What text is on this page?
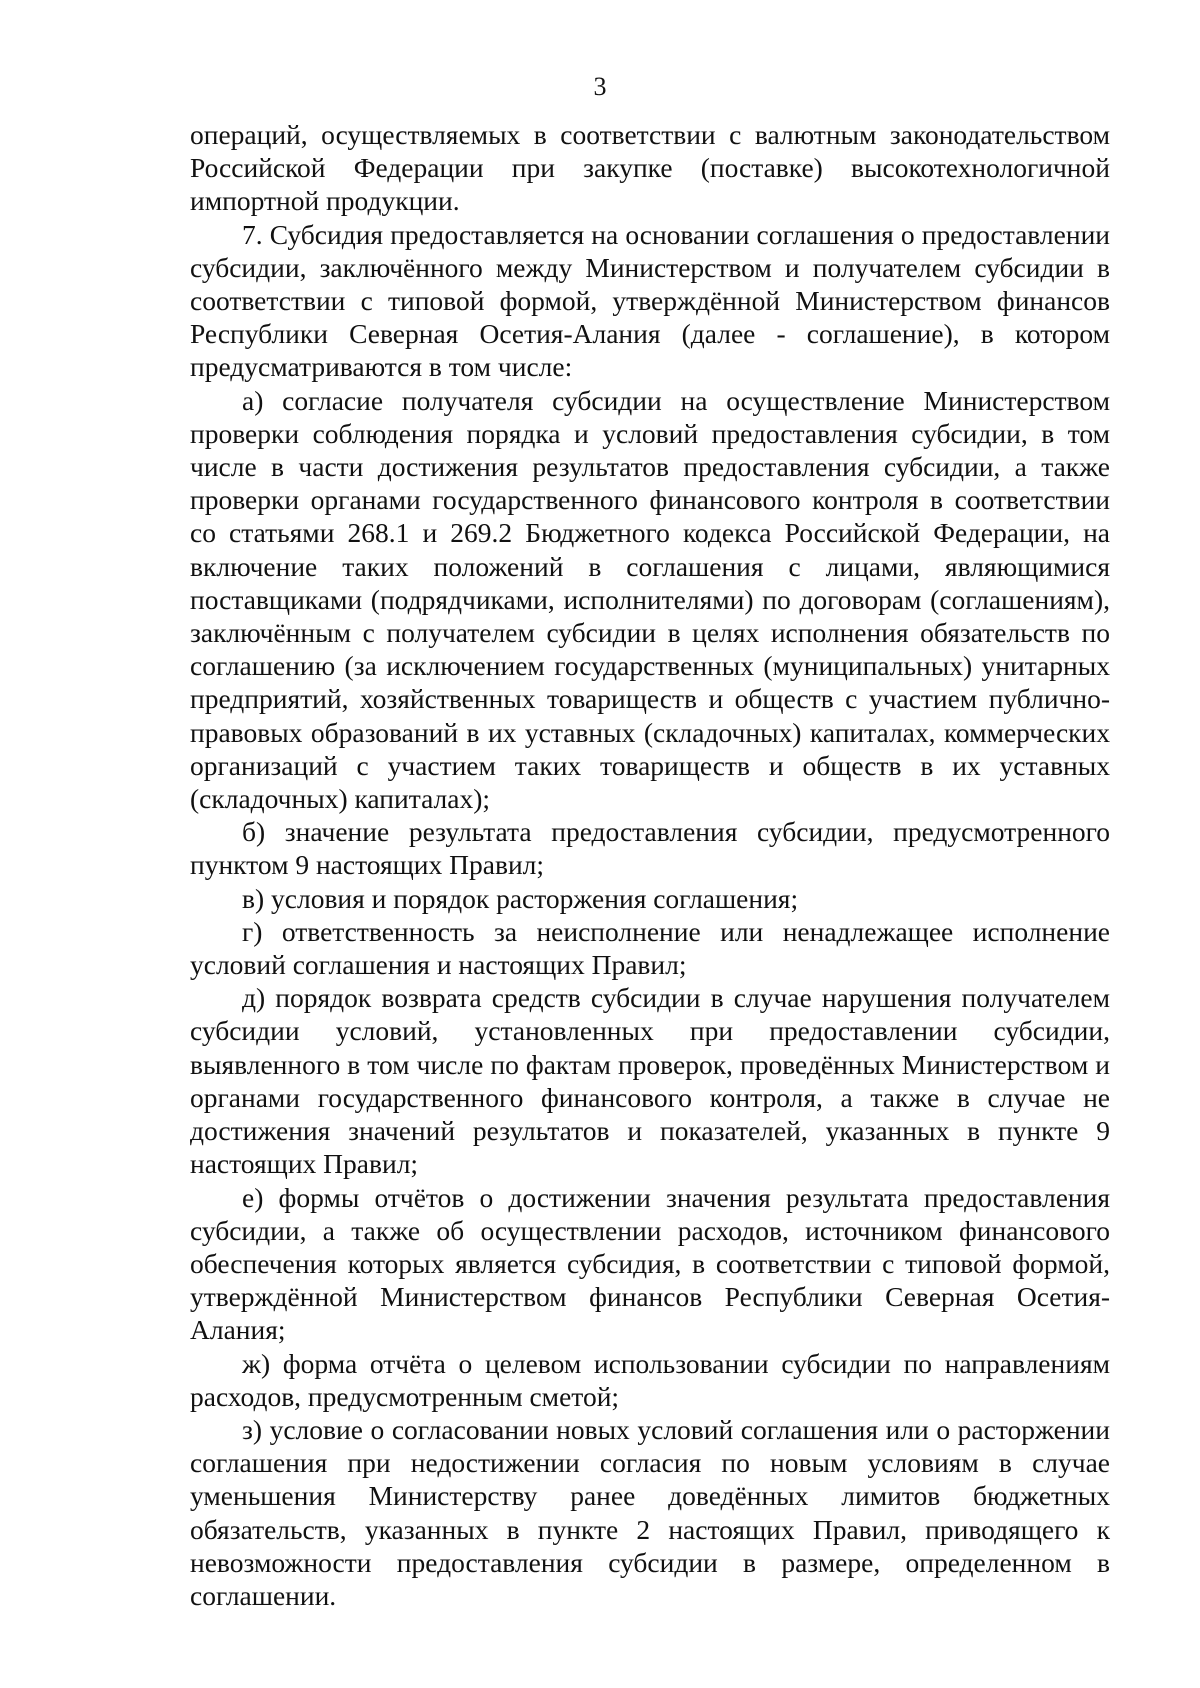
3

операций, осуществляемых в соответствии с валютным законодательством Российской Федерации при закупке (поставке) высокотехнологичной импортной продукции.

7. Субсидия предоставляется на основании соглашения о предоставлении субсидии, заключённого между Министерством и получателем субсидии в соответствии с типовой формой, утверждённой Министерством финансов Республики Северная Осетия-Алания (далее - соглашение), в котором предусматриваются в том числе:

а) согласие получателя субсидии на осуществление Министерством проверки соблюдения порядка и условий предоставления субсидии, в том числе в части достижения результатов предоставления субсидии, а также проверки органами государственного финансового контроля в соответствии со статьями 268.1 и 269.2 Бюджетного кодекса Российской Федерации, на включение таких положений в соглашения с лицами, являющимися поставщиками (подрядчиками, исполнителями) по договорам (соглашениям), заключённым с получателем субсидии в целях исполнения обязательств по соглашению (за исключением государственных (муниципальных) унитарных предприятий, хозяйственных товариществ и обществ с участием публично-правовых образований в их уставных (складочных) капиталах, коммерческих организаций с участием таких товариществ и обществ в их уставных (складочных) капиталах);

б) значение результата предоставления субсидии, предусмотренного пунктом 9 настоящих Правил;

в) условия и порядок расторжения соглашения;

г) ответственность за неисполнение или ненадлежащее исполнение условий соглашения и настоящих Правил;

д) порядок возврата средств субсидии в случае нарушения получателем субсидии условий, установленных при предоставлении субсидии, выявленного в том числе по фактам проверок, проведённых Министерством и органами государственного финансового контроля, а также в случае не достижения значений результатов и показателей, указанных в пункте 9 настоящих Правил;

е) формы отчётов о достижении значения результата предоставления субсидии, а также об осуществлении расходов, источником финансового обеспечения которых является субсидия, в соответствии с типовой формой, утверждённой Министерством финансов Республики Северная Осетия-Алания;

ж) форма отчёта о целевом использовании субсидии по направлениям расходов, предусмотренным сметой;

з) условие о согласовании новых условий соглашения или о расторжении соглашения при недостижении согласия по новым условиям в случае уменьшения Министерству ранее доведённых лимитов бюджетных обязательств, указанных в пункте 2 настоящих Правил, приводящего к невозможности предоставления субсидии в размере, определенном в соглашении.
